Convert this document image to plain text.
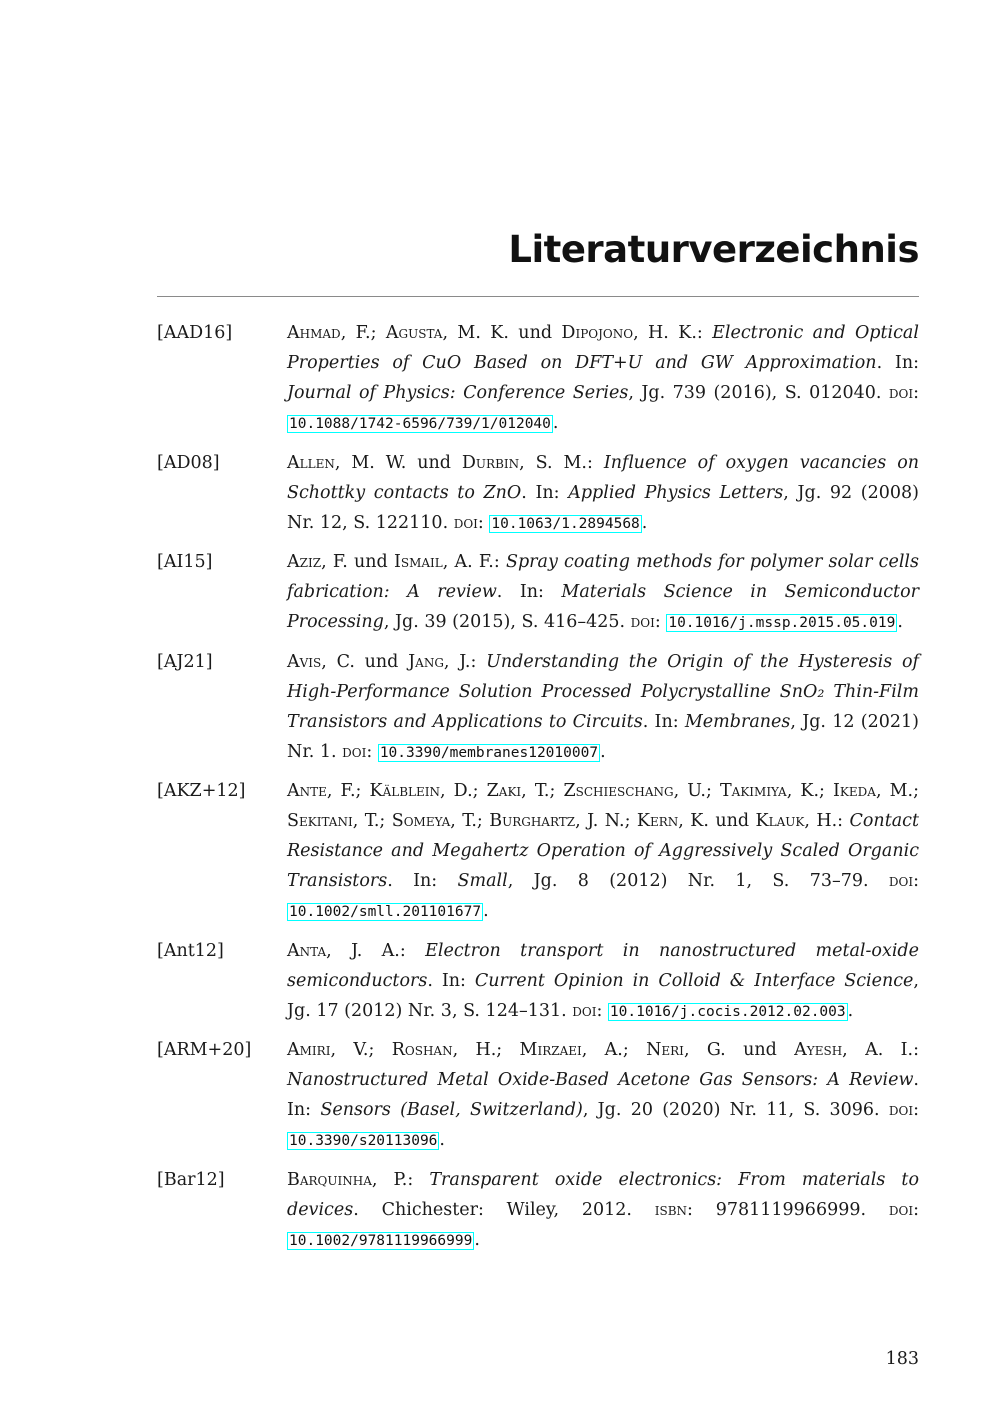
Literaturverzeichnis
[AAD16]	Ahmad, F.; Agusta, M. K. und Dipojono, H. K.: Electronic and Optical Properties of CuO Based on DFT+U and GW Approximation. In: Journal of Physics: Conference Series, Jg. 739 (2016), S. 012040. doi: 10.1088/1742-6596/739/1/012040 .
[AD08]	Allen, M. W. und Durbin, S. M.: Influence of oxygen vacancies on Schottky contacts to ZnO. In: Applied Physics Letters, Jg. 92 (2008) Nr. 12, S. 122110. doi: 10.1063/1.2894568 .
[AI15]	Aziz, F. und Ismail, A. F.: Spray coating methods for polymer solar cells fabrication: A review. In: Materials Science in Semiconductor Processing, Jg. 39 (2015), S. 416–425. doi: 10.1016/j.mssp.2015.05.019 .
[AJ21]	Avis, C. und Jang, J.: Understanding the Origin of the Hysteresis of High-Performance Solution Processed Polycrystalline SnO₂ Thin-Film Transistors and Applications to Circuits. In: Membranes, Jg. 12 (2021) Nr. 1. doi: 10.3390/membranes12010007 .
[AKZ+12]	Ante, F.; Kälblein, D.; Zaki, T.; Zschieschang, U.; Takimiya, K.; Ikeda, M.; Sekitani, T.; Someya, T.; Burghartz, J. N.; Kern, K. und Klauk, H.: Contact Resistance and Megahertz Operation of Aggressively Scaled Organic Transistors. In: Small, Jg. 8 (2012) Nr. 1, S. 73–79. doi: 10.1002/smll.201101677 .
[Ant12]	Anta, J. A.: Electron transport in nanostructured metal-oxide semiconductors. In: Current Opinion in Colloid & Interface Science, Jg. 17 (2012) Nr. 3, S. 124–131. doi: 10.1016/j.cocis.2012.02.003 .
[ARM+20]	Amiri, V.; Roshan, H.; Mirzaei, A.; Neri, G. und Ayesh, A. I.: Nanostructured Metal Oxide-Based Acetone Gas Sensors: A Review. In: Sensors (Basel, Switzerland), Jg. 20 (2020) Nr. 11, S. 3096. doi: 10.3390/s20113096 .
[Bar12]	Barquinha, P.: Transparent oxide electronics: From materials to devices. Chichester: Wiley, 2012. isbn: 9781119966999. doi: 10.1002/9781119966999 .
183
